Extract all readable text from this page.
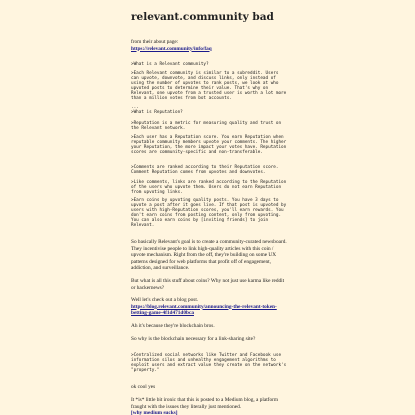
relevant.community bad

from their about page:

https://relevant.community/info/faq

>What is a Relevant community?
>Each Relevant community is similar to a subreddit. Users can upvote, downvote, and discuss links, only instead of using the number of upvotes to rank posts, we look at who upvoted posts to determine their value. That's why on Relevant, one upvote from a trusted user is worth a lot more than a million votes from bot accounts.
...
>What is Reputation?
>Reputation is a metric for measuring quality and trust on the Relevant network.
>Each user has a Reputation score. You earn Reputation when reputable community members upvote your comments. The higher your Reputation, the more impact your votes have. Reputation scores are community-specific and non-transferable.
>Comments are ranked according to their Reputation score. Comment Reputation comes from upvotes and downvotes.
>Like comments, links are ranked according to the Reputation of the users who upvote them. Users do not earn Reputation from upvoting links.
>Earn coins by upvoting quality posts. You have 3 days to upvote a post after it goes live. If that post is upvoted by users with high-Reputation scores, you'll earn rewards. You don't earn coins from posting content, only from upvoting. You can also earn coins by [inviting friends] to join Relevant.

So basically Relevant's goal is to create a community-curated newsboard. They incentivise people to link high-quality articles with this coin / upvote mechanism. Right from the off, they're building on some UX patterns designed for web platforms that profit off of engagement, addiction, and surveillance.

But what is all this stuff about coins? Why not just use karma like reddit or hackernews?

Well let's check out a blog post.

https://blog.relevant.community/announcing-the-relevant-token-betting-game-4f1d471d0bca

Ah it's because they're blockchain bros.

So why is the blockchain necessary for a link-sharing site?

>Centralized social networks like Twitter and Facebook use information silos and unhealthy engagement algorithms to exploit users and extract value they create on the network's "property."

ok cool yes

It *is* little bit ironic that this is posted to a Medium blog, a platform fraught with the issues they literally just mentioned.

[why medium sucks]
